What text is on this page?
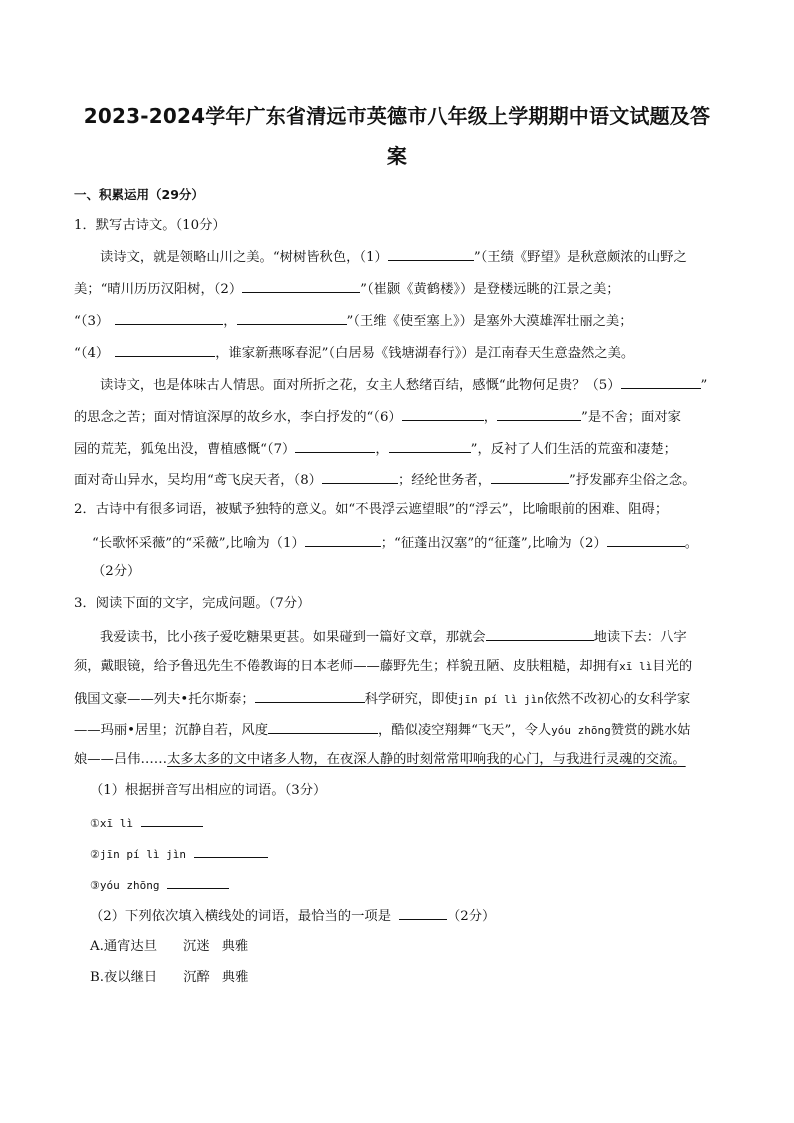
2023-2024学年广东省清远市英德市八年级上学期期中语文试题及答
案
一、积累运用（29分）
1．默写古诗文。（10分）
读诗文，就是领略山川之美。“树树皆秋色，（1）	”（王绩《野望》是秋意颇浓的山野之
美；“晴川历历汉阳树，（2）	”（崔颢《黄鹤楼》）是登楼远眺的江景之美；
“（3）	，	”（王维《使至塞上》）是塞外大漠雄浑壮丽之美；
“（4）	，谁家新燕啄春泥”（白居易《钱塘湖春行》）是江南春天生意盎然之美。
读诗文，也是体味古人情思。面对所折之花，女主人愁绪百结，感慨“此物何足贵？（5）	”
的思念之苦；面对情谊深厚的故乡水，李白抒发的“（6）	，	”是不舍；面对家
园的荒芜，狐兔出没，曹植感慨“（7）	，	”，反衬了人们生活的荒蛮和凄楚；
面对奇山异水，吴均用“鸢飞戾天者，（8）	；经纶世务者，	”抒发鄙弃尘俗之念。
2．古诗中有很多词语，被赋予独特的意义。如“不畏浮云遮望眼”的“浮云”，比喻眼前的困难、阻碍；
“长歌怀采薇”的“采薇”,比喻为（1）	；“征蓬出汉塞”的“征蓬”,比喻为（2）	。
（2分）
3．阅读下面的文字，完成问题。（7分）
我爱读书，比小孩子爱吃糖果更甚。如果碰到一篇好文章，那就会	地读下去：八字
须，戴眼镜，给予鲁迅先生不倦教诲的日本老师——藤野先生；样貌丑陋、皮肤粗糙，却拥有xī lì目光的
俄国文豪——列夫•托尔斯泰；	科学研究，即使jīn pí lì jìn依然不改初心的女科学家
——玛丽•居里；沉静自若，风度	，酷似凌空翔舞“飞天”，令人yóu zhōng赞赏的跳水姑
娘——吕伟……太多太多的文中诸多人物，在夜深人静的时刻常常叩响我的心门，与我进行灵魂的交流。
（1）根据拼音写出相应的词语。（3分）
①xī lì
②jīn pí lì jìn
③yóu zhōng
（2）下列依次填入横线处的词语，最恰当的一项是	（2分）
A.通宵达旦 沉迷 典雅
B.夜以继日 沉醉 典雅
